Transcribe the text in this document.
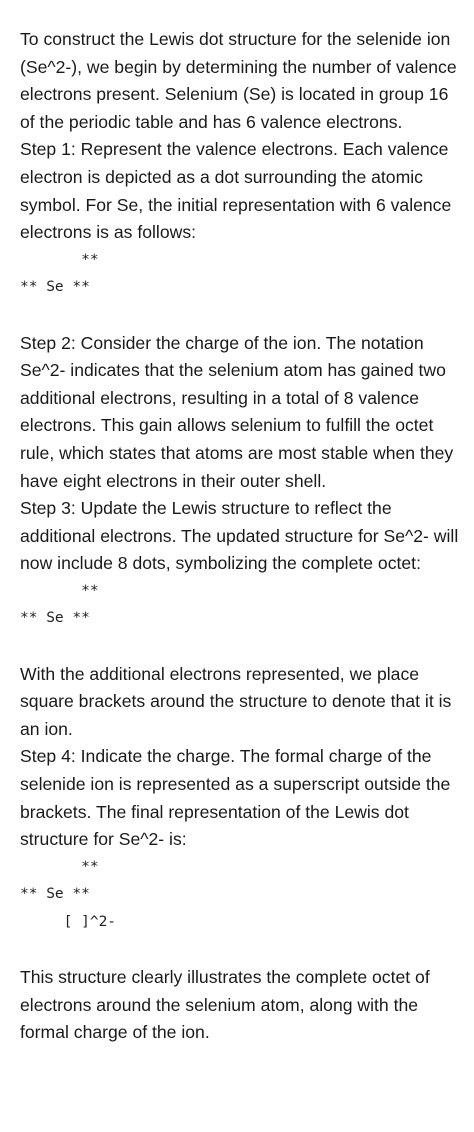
To construct the Lewis dot structure for the selenide ion (Se^2-), we begin by determining the number of valence electrons present. Selenium (Se) is located in group 16 of the periodic table and has 6 valence electrons.

Step 1: Represent the valence electrons. Each valence electron is depicted as a dot surrounding the atomic symbol. For Se, the initial representation with 6 valence electrons is as follows:

**

** Se **

Step 2: Consider the charge of the ion. The notation Se^2- indicates that the selenium atom has gained two additional electrons, resulting in a total of 8 valence electrons. This gain allows selenium to fulfill the octet rule, which states that atoms are most stable when they have eight electrons in their outer shell.

Step 3: Update the Lewis structure to reflect the additional electrons. The updated structure for Se^2- will now include 8 dots, symbolizing the complete octet:

**

** Se **

With the additional electrons represented, we place square brackets around the structure to denote that it is an ion.

Step 4: Indicate the charge. The formal charge of the selenide ion is represented as a superscript outside the brackets. The final representation of the Lewis dot structure for Se^2- is:

**

** Se **

[ ]^2-

This structure clearly illustrates the complete octet of electrons around the selenium atom, along with the formal charge of the ion.
